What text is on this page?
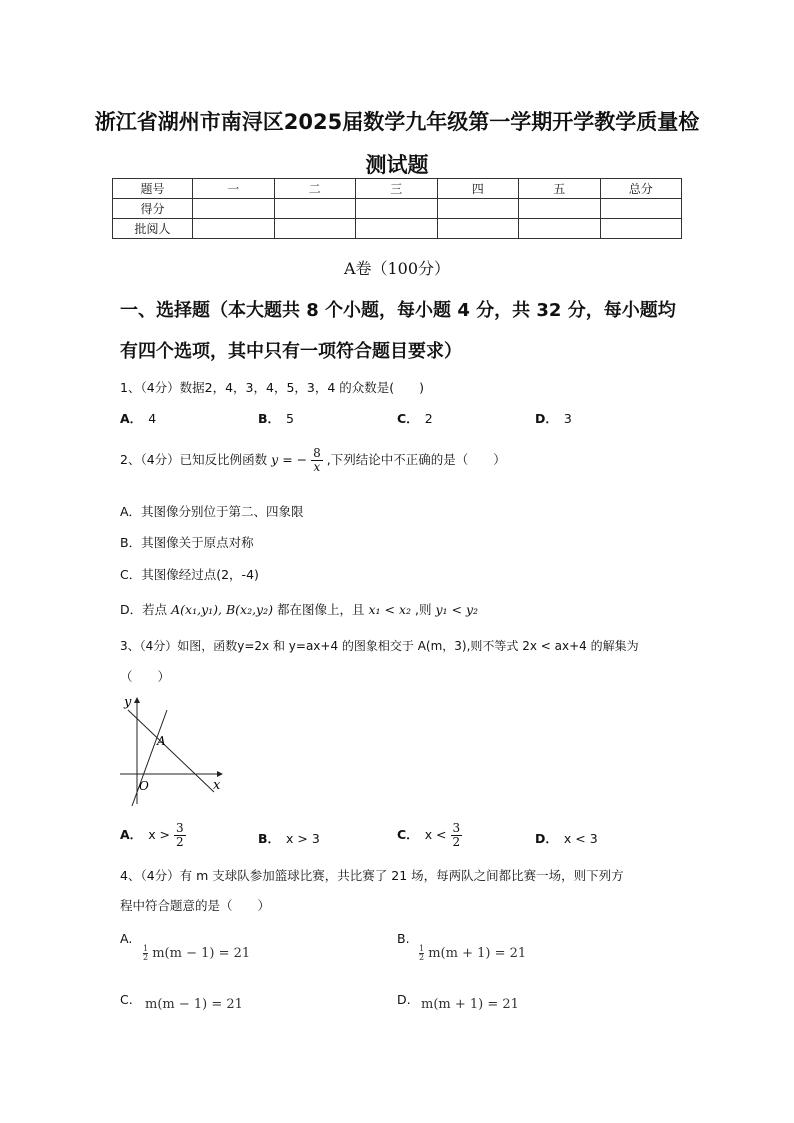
浙江省湖州市南浔区2025届数学九年级第一学期开学教学质量检
测试题
题号	一	二	三	四	五	总分
得分						
批阅人						
A卷（100分）
一、选择题（本大题共 8 个小题，每小题 4 分，共 32 分，每小题均
有四个选项，其中只有一项符合题目要求）
1、（4分）数据2，4，3，4，5，3，4 的众数是(　　)
A． 4	B． 5	C． 2	D． 3
2、（4分）已知反比例函数 y = − $\frac{8}{x}$ ,下列结论中不正确的是（　　）
A．其图像分别位于第二、四象限
B．其图像关于原点对称
C．其图像经过点(2，-4)
D．若点 A(x₁,y₁), B(x₂,y₂) 都在图像上，且 x₁ < x₂ ,则 y₁ < y₂
3、（4分）如图，函数y=2x 和 y=ax+4 的图象相交于 A(m，3),则不等式 2x < ax+4 的解集为
（　　）
y
x
O
A
A． $x > \frac{3}{2}$	B． x > 3	C． $x < \frac{3}{2}$	D． x < 3
4、（4分）有 m 支球队参加篮球比赛，共比赛了 21 场，每两队之间都比赛一场，则下列方
程中符合题意的是（　　）
A.
$\frac{1}{2} m(m - 1) = 21$
B.
$\frac{1}{2} m(m + 1) = 21$
C. m(m − 1) = 21	D. m(m + 1) = 21
